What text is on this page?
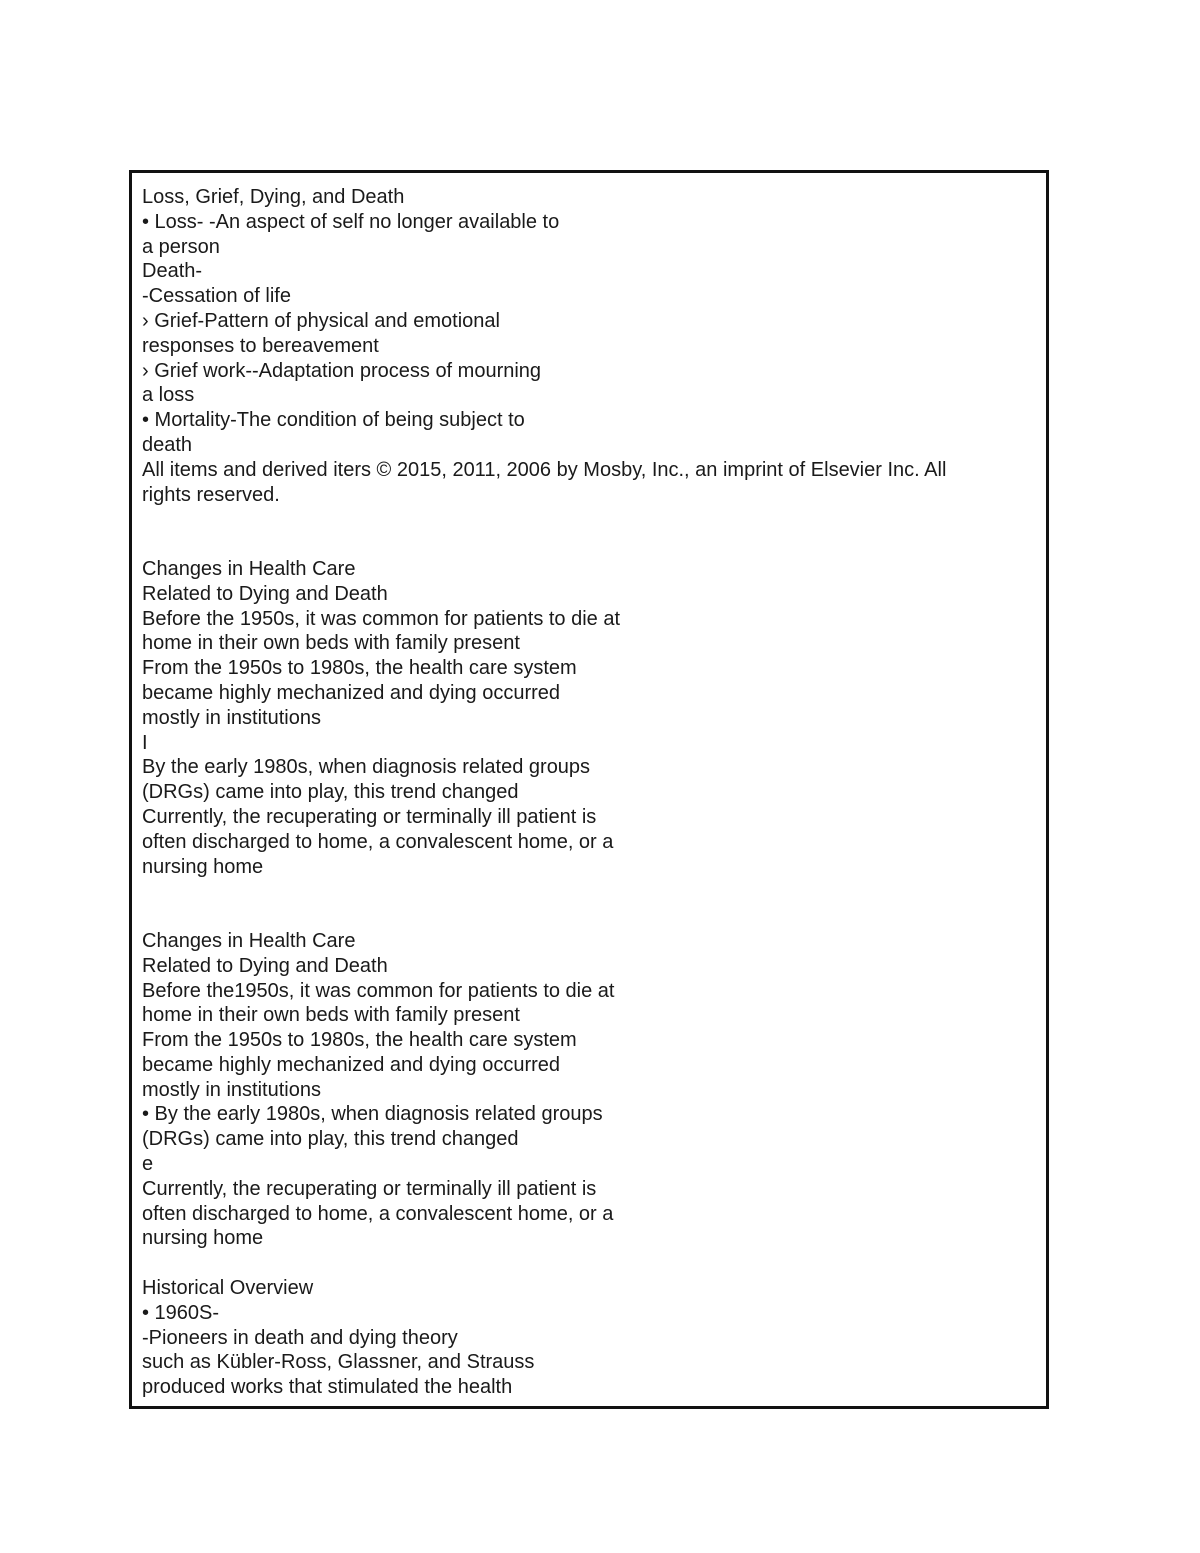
Loss, Grief, Dying, and Death
• Loss- -An aspect of self no longer available to
a person
Death-
-Cessation of life
› Grief-Pattern of physical and emotional
responses to bereavement
› Grief work--Adaptation process of mourning
a loss
• Mortality-The condition of being subject to
death
All items and derived iters © 2015, 2011, 2006 by Mosby, Inc., an imprint of Elsevier Inc. All
rights reserved.
Changes in Health Care
Related to Dying and Death
Before the 1950s, it was common for patients to die at
home in their own beds with family present
From the 1950s to 1980s, the health care system
became highly mechanized and dying occurred
mostly in institutions
I
By the early 1980s, when diagnosis related groups
(DRGs) came into play, this trend changed
Currently, the recuperating or terminally ill patient is
often discharged to home, a convalescent home, or a
nursing home
Changes in Health Care
Related to Dying and Death
Before the1950s, it was common for patients to die at
home in their own beds with family present
From the 1950s to 1980s, the health care system
became highly mechanized and dying occurred
mostly in institutions
• By the early 1980s, when diagnosis related groups
(DRGs) came into play, this trend changed
e
Currently, the recuperating or terminally ill patient is
often discharged to home, a convalescent home, or a
nursing home
Historical Overview
• 1960S-
-Pioneers in death and dying theory
such as Kübler-Ross, Glassner, and Strauss
produced works that stimulated the health
